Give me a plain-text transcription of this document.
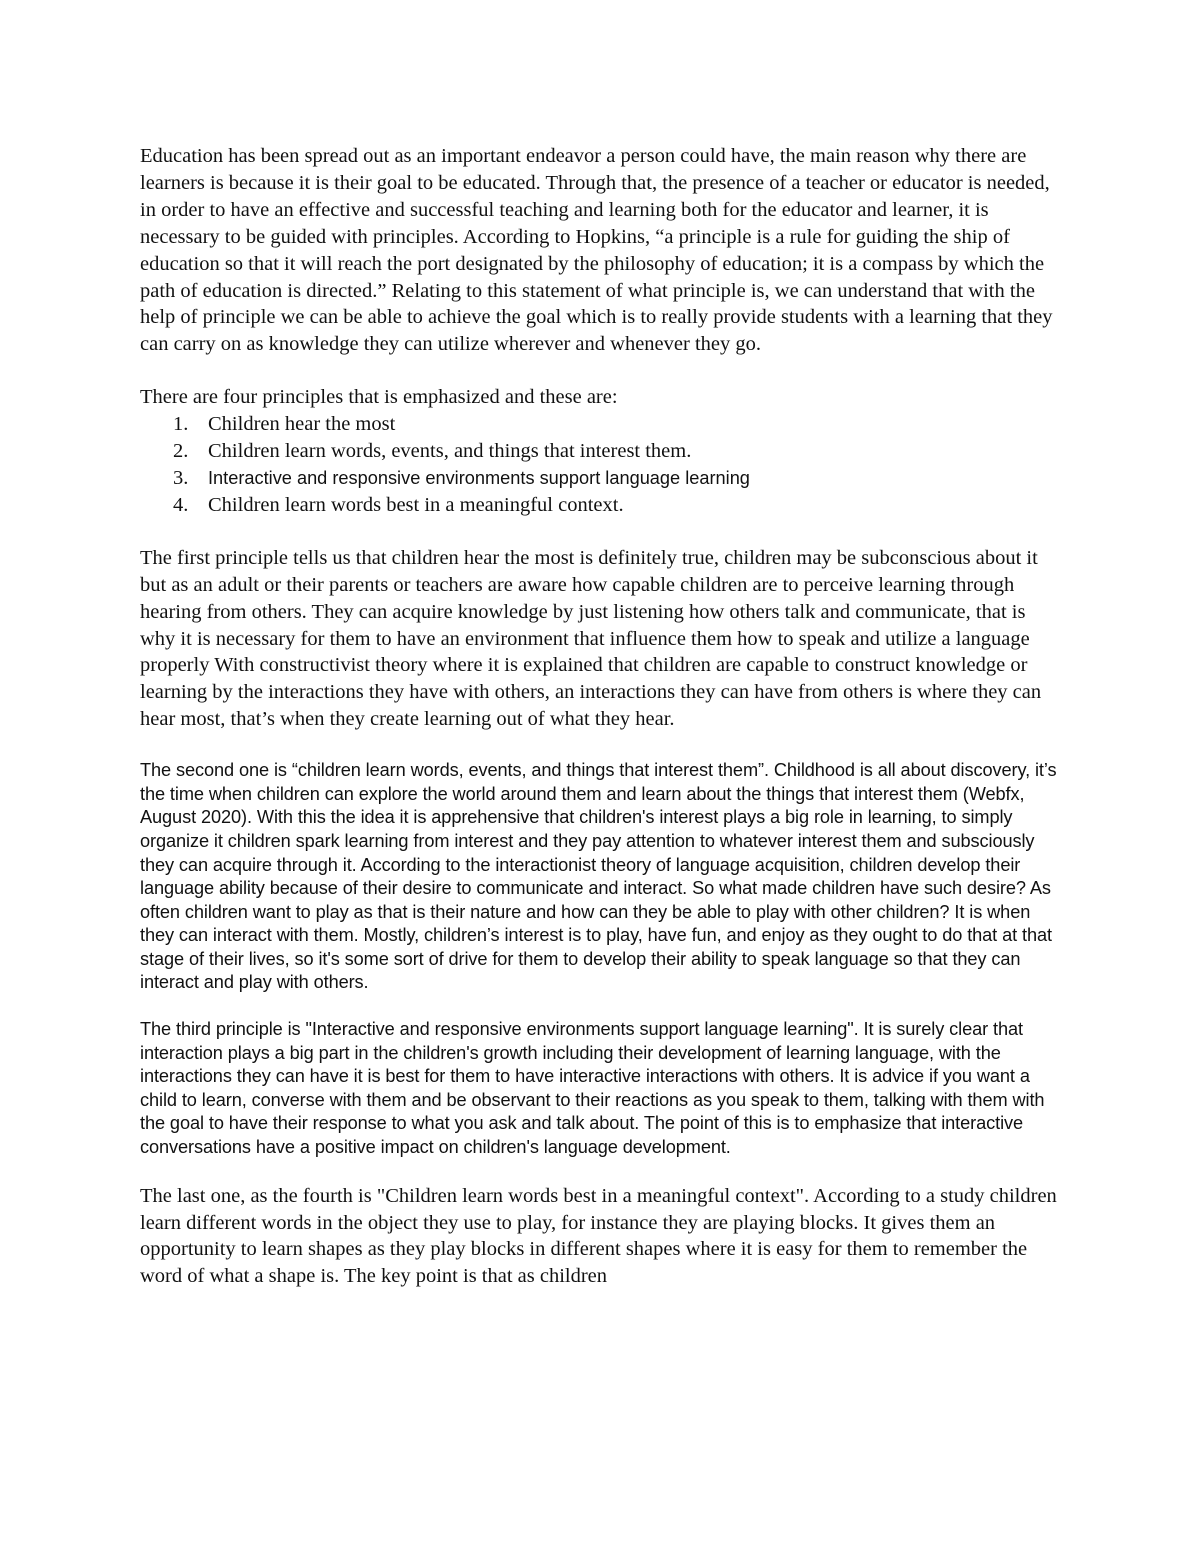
Education has been spread out as an important endeavor a person could have, the main reason why there are learners is because it is their goal to be educated. Through that, the presence of a teacher or educator is needed, in order to have an effective and successful teaching and learning both for the educator and learner, it is necessary to be guided with principles. According to Hopkins, “a principle is a rule for guiding the ship of education so that it will reach the port designated by the philosophy of education; it is a compass by which the path of education is directed.” Relating to this statement of what principle is, we can understand that with the help of principle we can be able to achieve the goal which is to really provide students with a learning that they can carry on as knowledge they can utilize wherever and whenever they go.

There are four principles that is emphasized and these are:

1. Children hear the most
2. Children learn words, events, and things that interest them.
3.	Interactive and responsive environments support language learning
4. Children learn words best in a meaningful context.

The first principle tells us that children hear the most is definitely true, children may be subconscious about it but as an adult or their parents or teachers are aware how capable children are to perceive learning through hearing from others. They can acquire knowledge by just listening how others talk and communicate, that is why it is necessary for them to have an environment that influence them how to speak and utilize a language properly With constructivist theory where it is explained that children are capable to construct knowledge or learning by the interactions they have with others, an interactions they can have from others is where they can hear most, that’s when they create learning out of what they hear.

The second one is “children learn words, events, and things that interest them”. Childhood is all about discovery, it’s the time when children can explore the world around them and learn about the things that interest them (Webfx, August 2020). With this the idea it is apprehensive that children's interest plays a big role in learning, to simply organize it children spark learning from interest and they pay attention to whatever interest them and subsciously they can acquire through it. According to the interactionist theory of language acquisition, children develop their language ability because of their desire to communicate and interact. So what made children have such desire? As often children want to play as that is their nature and how can they be able to play with other children? It is when they can interact with them. Mostly, children’s interest is to play, have fun, and enjoy as they ought to do that at that stage of their lives, so it's some sort of drive for them to develop their ability to speak language so that they can interact and play with others.

The third principle is "Interactive and responsive environments support language learning". It is surely clear that interaction plays a big part in the children's growth including their development of learning language, with the interactions they can have it is best for them to have interactive interactions with others. It is advice if you want a child to learn, converse with them and be observant to their reactions as you speak to them, talking with them with the goal to have their response to what you ask and talk about. The point of this is to emphasize that interactive conversations have a positive impact on children's language development.

The last one, as the fourth is "Children learn words best in a meaningful context". According to a study children learn different words in the object they use to play, for instance they are playing blocks. It gives them an opportunity to learn shapes as they play blocks in different shapes where it is easy for them to remember the word of what a shape is. The key point is that as children
